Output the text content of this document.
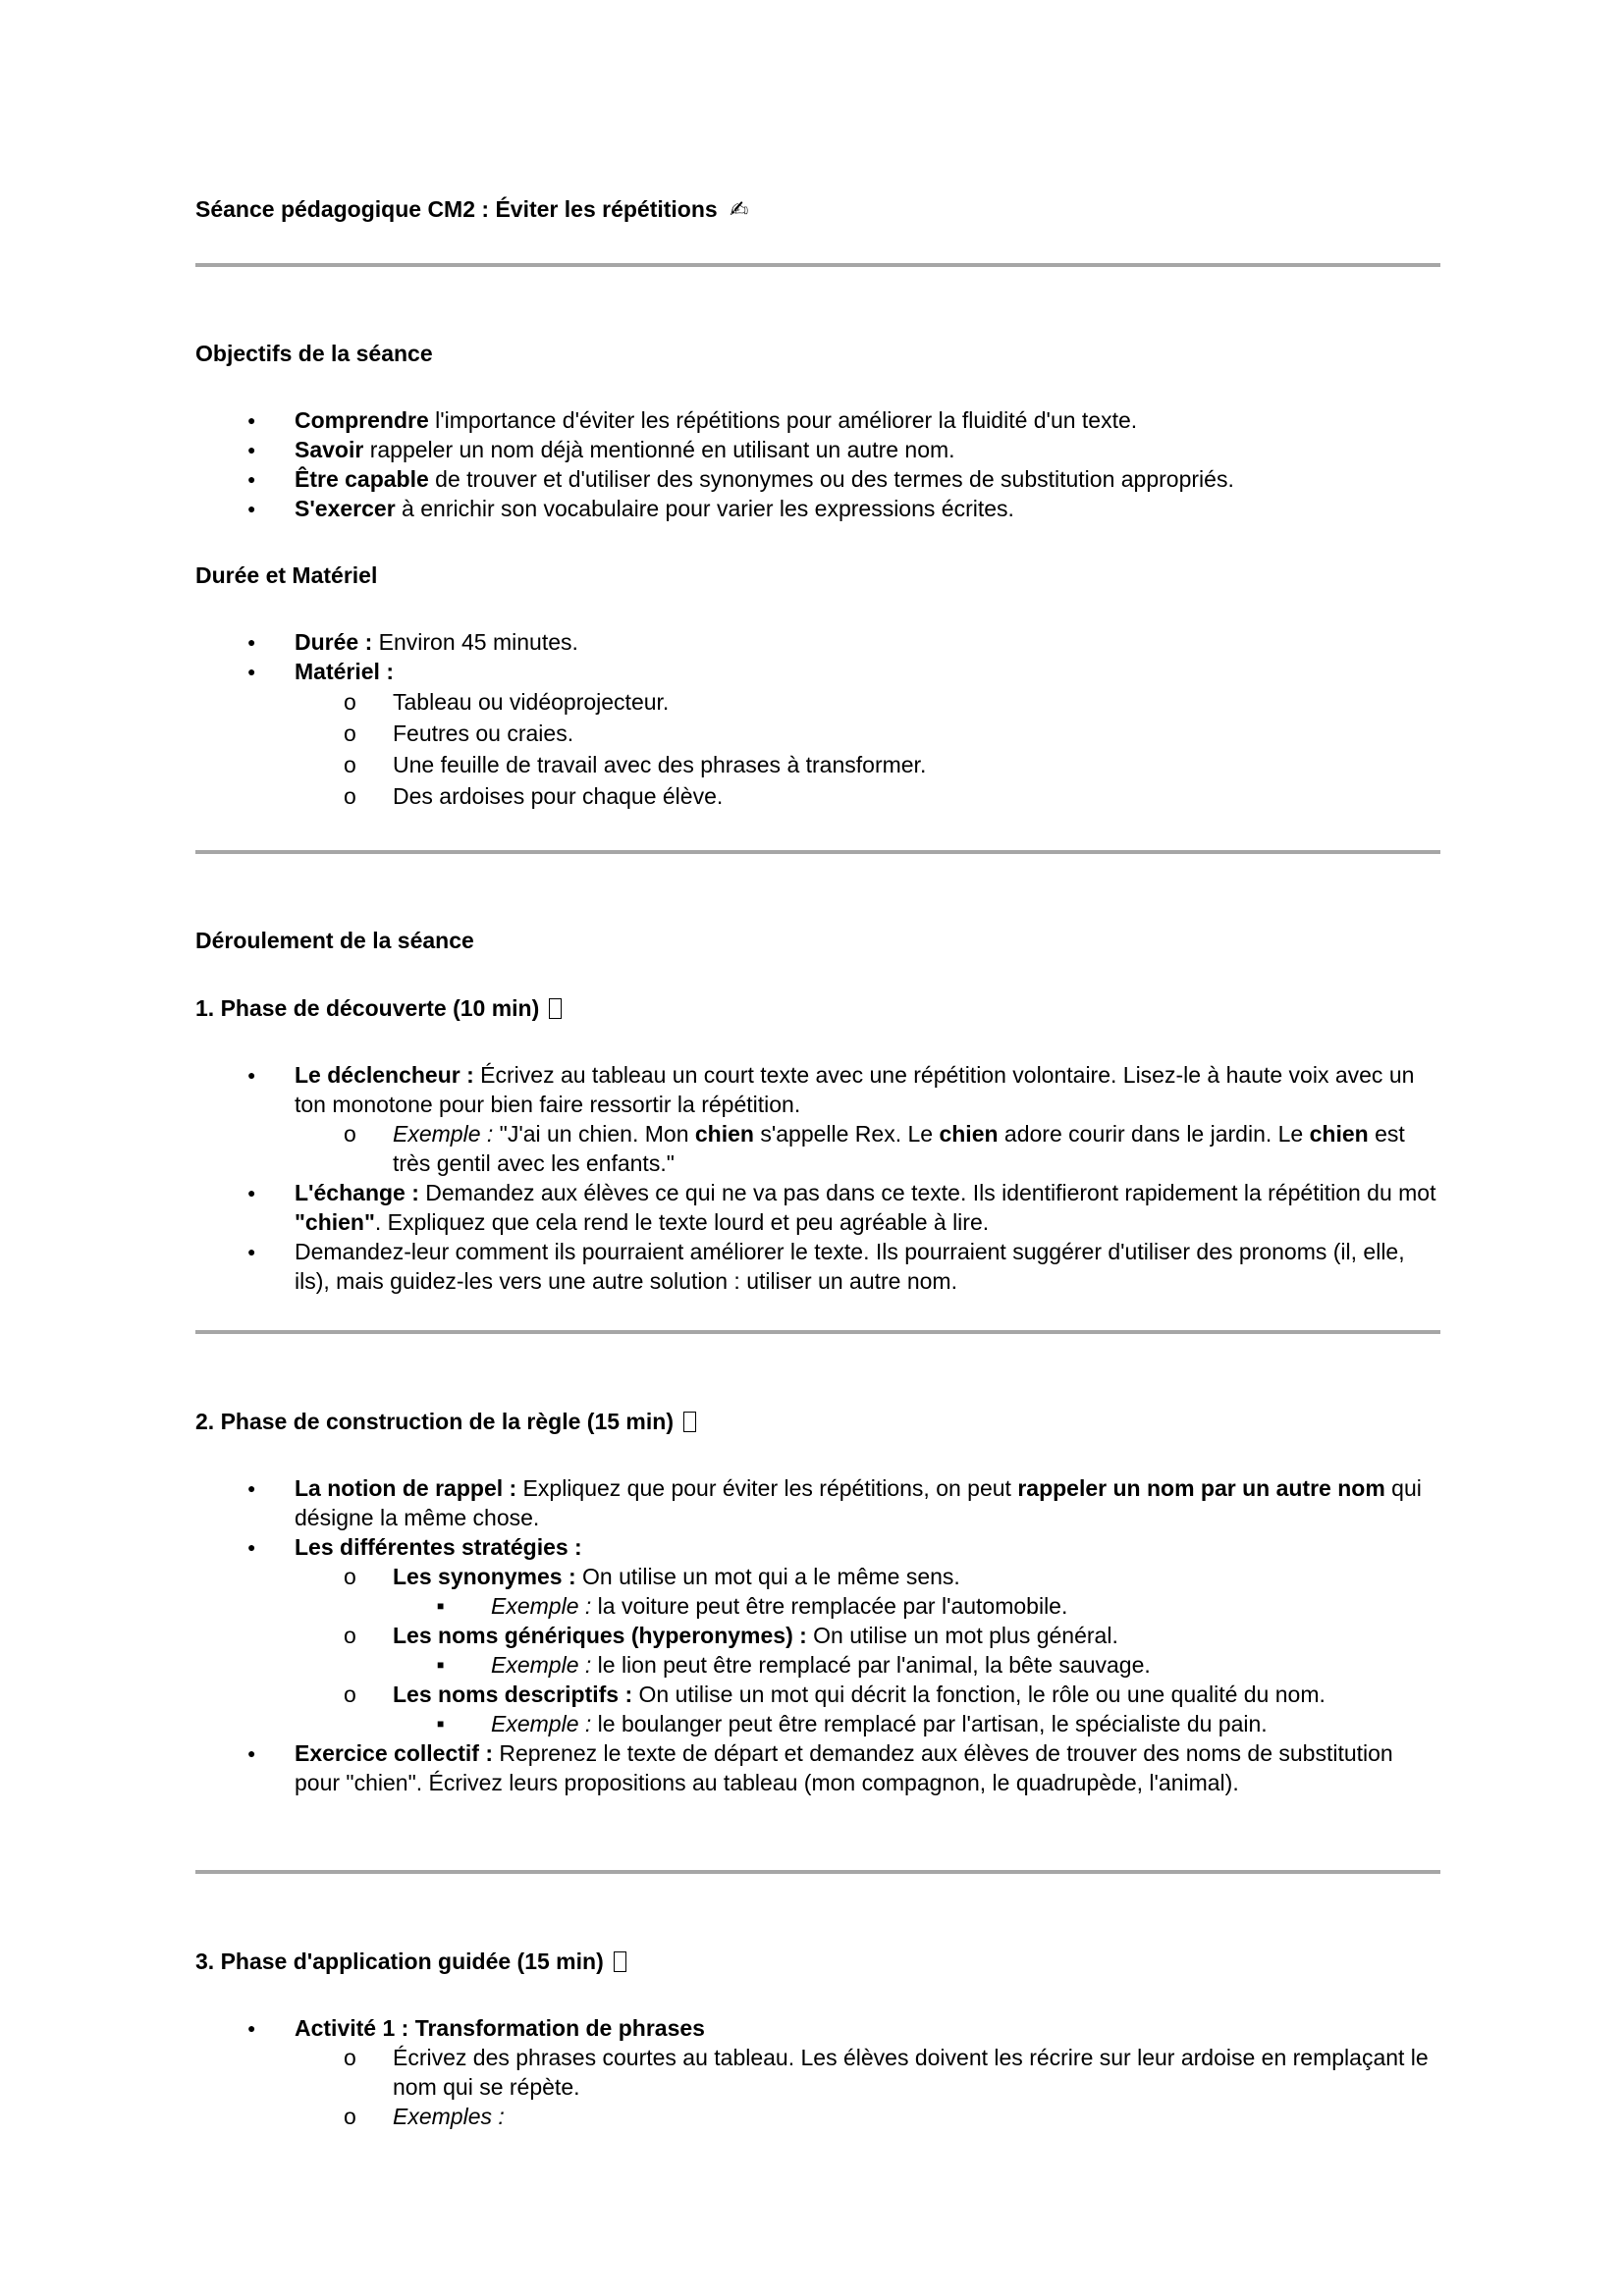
Séance pédagogique CM2 : Éviter les répétitions ✍
Objectifs de la séance
● Comprendre l'importance d'éviter les répétitions pour améliorer la fluidité d'un texte.
● Savoir rappeler un nom déjà mentionné en utilisant un autre nom.
● Être capable de trouver et d'utiliser des synonymes ou des termes de substitution appropriés.
● S'exercer à enrichir son vocabulaire pour varier les expressions écrites.
Durée et Matériel
● Durée : Environ 45 minutes.
● Matériel :
o Tableau ou vidéoprojecteur.
o Feutres ou craies.
o Une feuille de travail avec des phrases à transformer.
o Des ardoises pour chaque élève.
Déroulement de la séance
1. Phase de découverte (10 min)
● Le déclencheur : Écrivez au tableau un court texte avec une répétition volontaire. Lisez-le à haute voix avec un ton monotone pour bien faire ressortir la répétition.
o Exemple : "J'ai un chien. Mon chien s'appelle Rex. Le chien adore courir dans le jardin. Le chien est très gentil avec les enfants."
● L'échange : Demandez aux élèves ce qui ne va pas dans ce texte. Ils identifieront rapidement la répétition du mot "chien". Expliquez que cela rend le texte lourd et peu agréable à lire.
● Demandez-leur comment ils pourraient améliorer le texte. Ils pourraient suggérer d'utiliser des pronoms (il, elle, ils), mais guidez-les vers une autre solution : utiliser un autre nom.
2. Phase de construction de la règle (15 min)
● La notion de rappel : Expliquez que pour éviter les répétitions, on peut rappeler un nom par un autre nom qui désigne la même chose.
● Les différentes stratégies :
o Les synonymes : On utilise un mot qui a le même sens.
■ Exemple : la voiture peut être remplacée par l'automobile.
o Les noms génériques (hyperonymes) : On utilise un mot plus général.
■ Exemple : le lion peut être remplacé par l'animal, la bête sauvage.
o Les noms descriptifs : On utilise un mot qui décrit la fonction, le rôle ou une qualité du nom.
■ Exemple : le boulanger peut être remplacé par l'artisan, le spécialiste du pain.
● Exercice collectif : Reprenez le texte de départ et demandez aux élèves de trouver des noms de substitution pour "chien". Écrivez leurs propositions au tableau (mon compagnon, le quadrupède, l'animal).
3. Phase d'application guidée (15 min)
● Activité 1 : Transformation de phrases
o Écrivez des phrases courtes au tableau. Les élèves doivent les récrire sur leur ardoise en remplaçant le nom qui se répète.
o Exemples :
